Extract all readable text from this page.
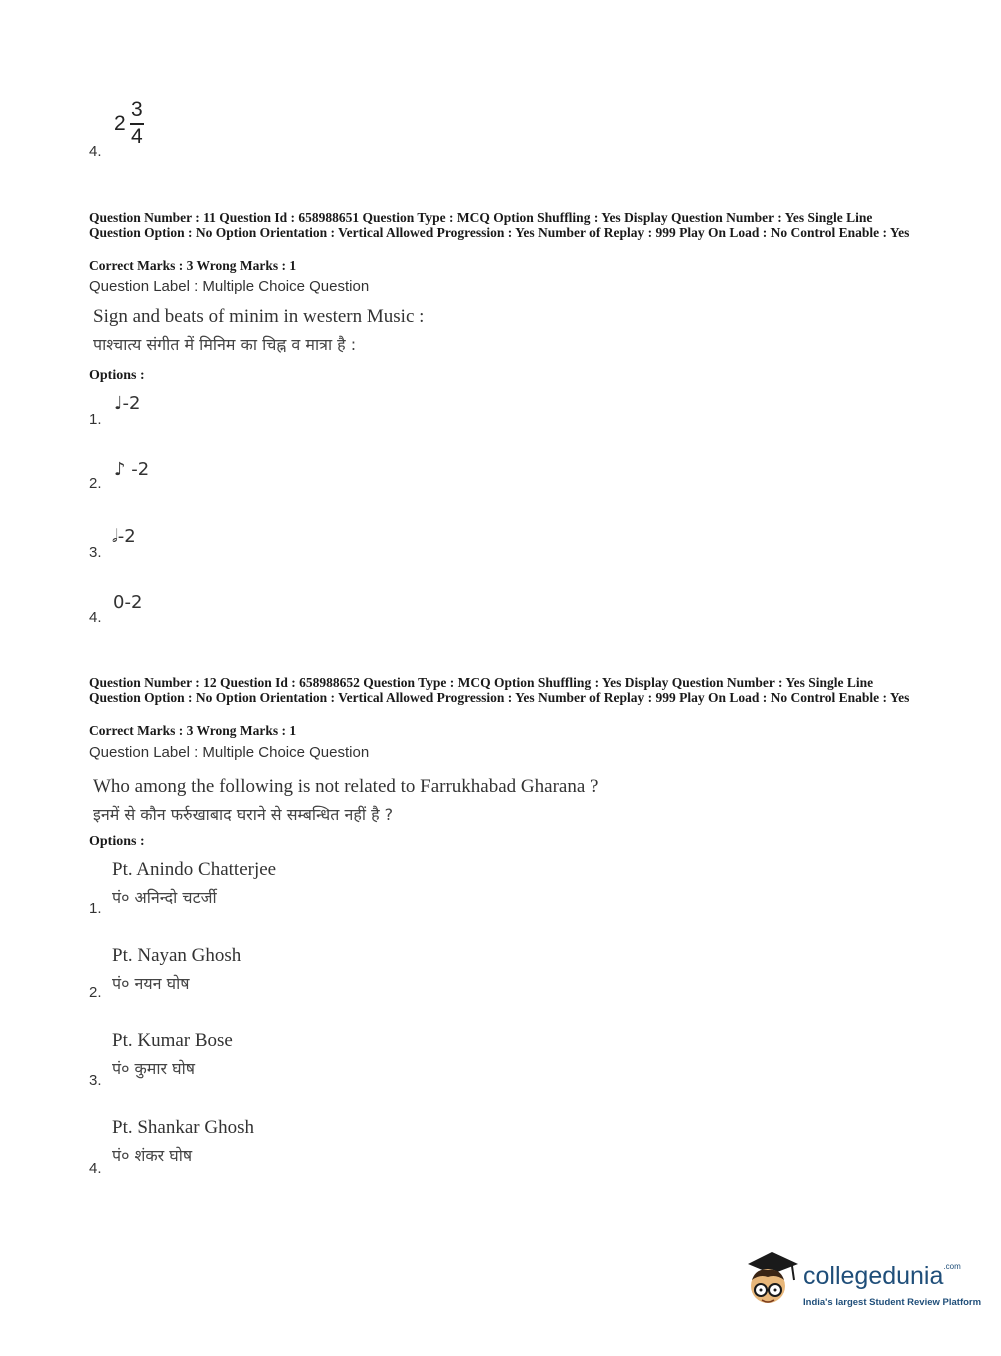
2
3
4
4.
Question Number : 11 Question Id : 658988651 Question Type : MCQ Option Shuffling : Yes Display Question Number : Yes Single Line Question Option : No Option Orientation : Vertical Allowed Progression : Yes Number of Replay : 999 Play On Load : No Control Enable : Yes
Correct Marks : 3 Wrong Marks : 1
Question Label : Multiple Choice Question
Sign and beats of minim in western Music :
पाश्चात्य संगीत में मिनिम का चिह्न व मात्रा है :
Options :
1.
♩-2
2.
♪ -2
3.
𝅗𝅥-2
4.
0-2
Question Number : 12 Question Id : 658988652 Question Type : MCQ Option Shuffling : Yes Display Question Number : Yes Single Line Question Option : No Option Orientation : Vertical Allowed Progression : Yes Number of Replay : 999 Play On Load : No Control Enable : Yes
Correct Marks : 3 Wrong Marks : 1
Question Label : Multiple Choice Question
Who among the following is not related to Farrukhabad Gharana ?
इनमें से कौन फर्रुखाबाद घराने से सम्बन्धित नहीं है ?
Options :
Pt. Anindo Chatterjee
पं० अनिन्दो चटर्जी
1.
Pt. Nayan Ghosh
पं० नयन घोष
2.
Pt. Kumar Bose
पं० कुमार घोष
3.
Pt. Shankar Ghosh
पं० शंकर घोष
4.
collegedunia$^{.com}$
India's largest Student Review Platform
